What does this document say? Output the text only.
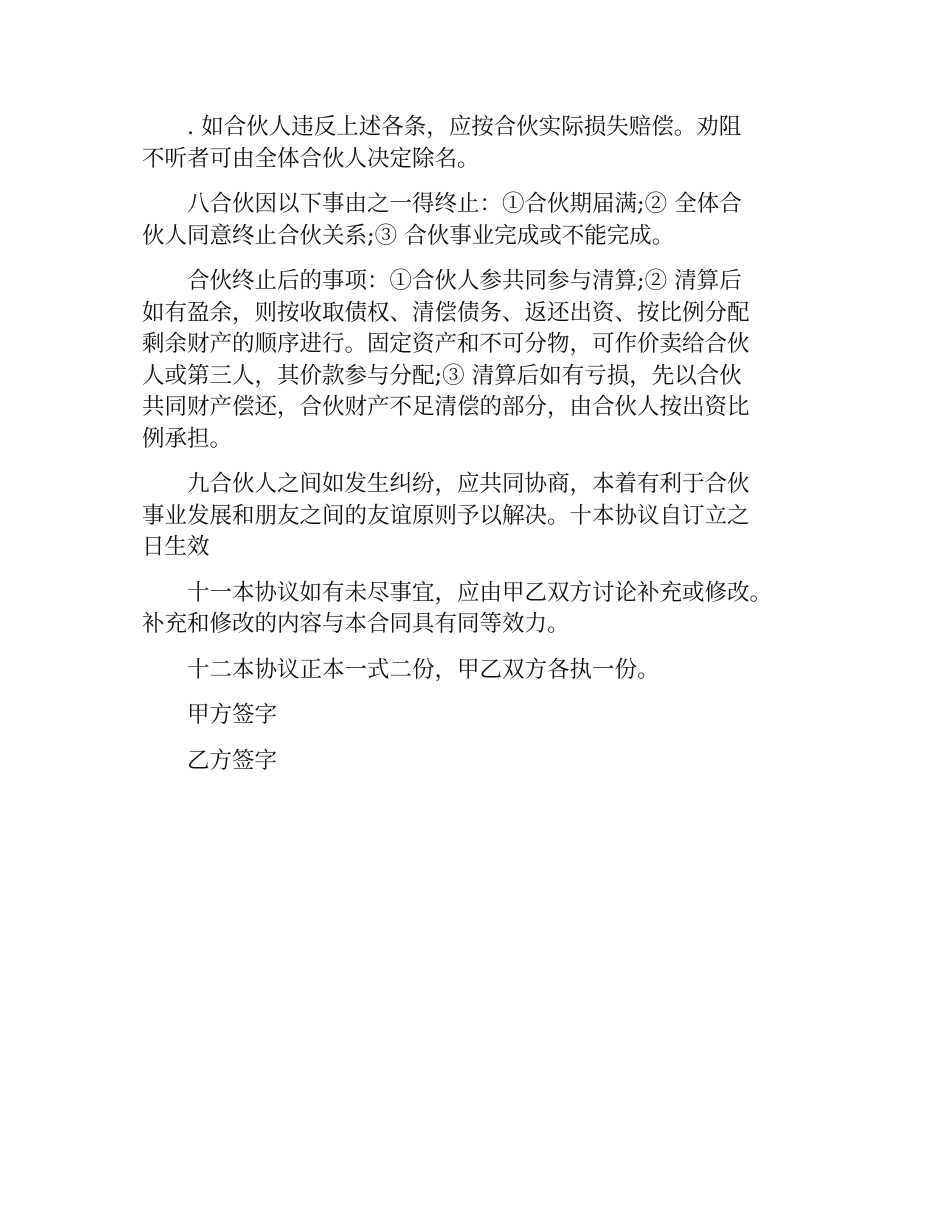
. 如合伙人违反上述各条，应按合伙实际损失赔偿。劝阻
不听者可由全体合伙人决定除名。

八合伙因以下事由之一得终止：①合伙期届满;② 全体合
伙人同意终止合伙关系;③ 合伙事业完成或不能完成。

合伙终止后的事项：①合伙人参共同参与清算;② 清算后
如有盈余，则按收取债权、清偿债务、返还出资、按比例分配
剩余财产的顺序进行。固定资产和不可分物，可作价卖给合伙
人或第三人，其价款参与分配;③ 清算后如有亏损，先以合伙
共同财产偿还，合伙财产不足清偿的部分，由合伙人按出资比
例承担。

九合伙人之间如发生纠纷，应共同协商，本着有利于合伙
事业发展和朋友之间的友谊原则予以解决。十本协议自订立之
日生效

十一本协议如有未尽事宜，应由甲乙双方讨论补充或修改。
补充和修改的内容与本合同具有同等效力。

十二本协议正本一式二份，甲乙双方各执一份。

甲方签字

乙方签字
